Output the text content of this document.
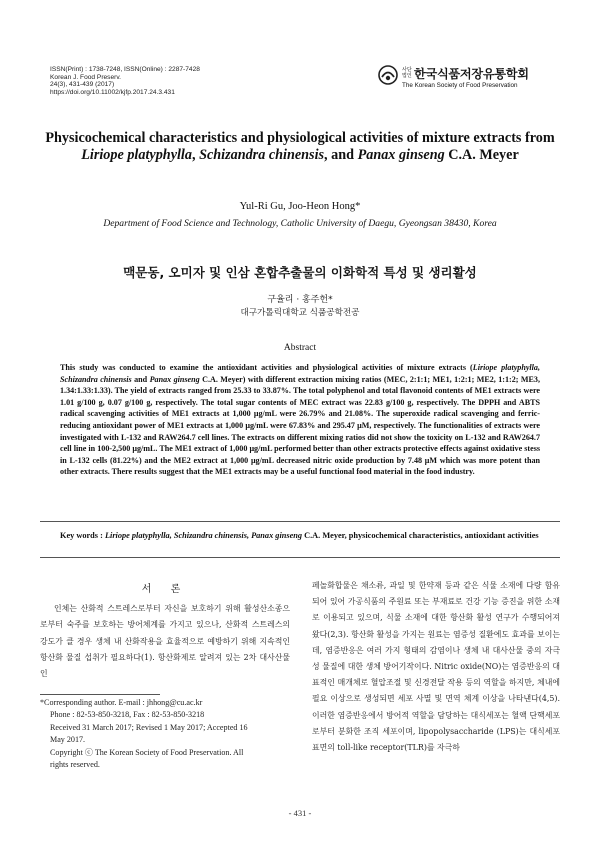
ISSN(Print) : 1738-7248, ISSN(Online) : 2287-7428
Korean J. Food Preserv.
24(3), 431-439 (2017)
https://doi.org/10.11002/kjfp.2017.24.3.431
사단 법인 한국식품저장유통학회
The Korean Society of Food Preservation
Physicochemical characteristics and physiological activities of mixture extracts from Liriope platyphylla, Schizandra chinensis, and Panax ginseng C.A. Meyer
Yul-Ri Gu, Joo-Heon Hong*
Department of Food Science and Technology, Catholic University of Daegu, Gyeongsan 38430, Korea
맥문동, 오미자 및 인삼 혼합추출물의 이화학적 특성 및 생리활성
구율리 · 홍주헌*
대구가톨릭대학교 식품공학전공
Abstract
This study was conducted to examine the antioxidant activities and physiological activities of mixture extracts (Liriope platyphylla, Schizandra chinensis and Panax ginseng C.A. Meyer) with different extraction mixing ratios (MEC, 2:1:1; ME1, 1:2:1; ME2, 1:1:2; ME3, 1.34:1.33:1.33). The yield of extracts ranged from 25.33 to 33.87%. The total polyphenol and total flavonoid contents of ME1 extracts were 1.01 g/100 g, 0.07 g/100 g, respectively. The total sugar contents of MEC extract was 22.83 g/100 g, respectively. The DPPH and ABTS radical scavenging activities of ME1 extracts at 1,000 μg/mL were 26.79% and 21.08%. The superoxide radical scavenging and ferric-reducing antioxidant power of ME1 extracts at 1,000 μg/mL were 67.83% and 295.47 μM, respectively. The functionalities of extracts were investigated with L-132 and RAW264.7 cell lines. The extracts on different mixing ratios did not show the toxicity on L-132 and RAW264.7 cell line in 100-2,500 μg/mL. The ME1 extract of 1,000 μg/mL performed better than other extracts protective effects against oxidative stess in L-132 cells (81.22%) and the ME2 extract at 1,000 μg/mL decreased nitric oxide production by 7.48 μM which was more potent than other extracts. There results suggest that the ME1 extracts may be a useful functional food material in the food industry.
Key words : Liriope platyphylla, Schizandra chinensis, Panax ginseng C.A. Meyer, physicochemical characteristics, antioxidant activities
서 론
인체는 산화적 스트레스로부터 자신을 보호하기 위해 활성산소종으로부터 숙주를 보호하는 방어체계를 가지고 있으나, 산화적 스트레스의 강도가 클 경우 생체 내 산화작용을 효율적으로 예방하기 위해 지속적인 항산화 물질 섭취가 필요하다(1). 항산화제로 알려져 있는 2차 대사산물인
페놀화합물은 채소류, 과일 및 한약재 등과 같은 식물 소재에 다량 함유되어 있어 가공식품의 주원료 또는 부재료로 건강 기능 증진을 위한 소재로 이용되고 있으며, 식물 소재에 대한 항산화 활성 연구가 수행되어져 왔다(2,3). 항산화 활성을 가지는 원료는 염증성 질환에도 효과를 보이는데, 염증반응은 여러 가지 형태의 감염이나 생체 내 대사산물 중의 자극성 물질에 대한 생체 방어기작이다. Nitric oxide(NO)는 염증반응의 대표적인 매개체로 혈압조절 및 신경전달 작용 등의 역할을 하지만, 체내에 필요 이상으로 생성되면 세포 사멸 및 면역 체계 이상을 나타낸다(4,5). 이러한 염증반응에서 방어적 역할을 담당하는 대식세포는 혈액 단핵세포로부터 분화한 조직 세포이며, lipopolysaccharide (LPS)는 대식세포 표면의 toll-like receptor(TLR)를 자극하
*Corresponding author. E-mail : jhhong@cu.ac.kr
Phone : 82-53-850-3218, Fax : 82-53-850-3218
Received 31 March 2017; Revised 1 May 2017; Accepted 16
May 2017.
Copyright ⓒ The Korean Society of Food Preservation. All
rights reserved.
- 431 -
